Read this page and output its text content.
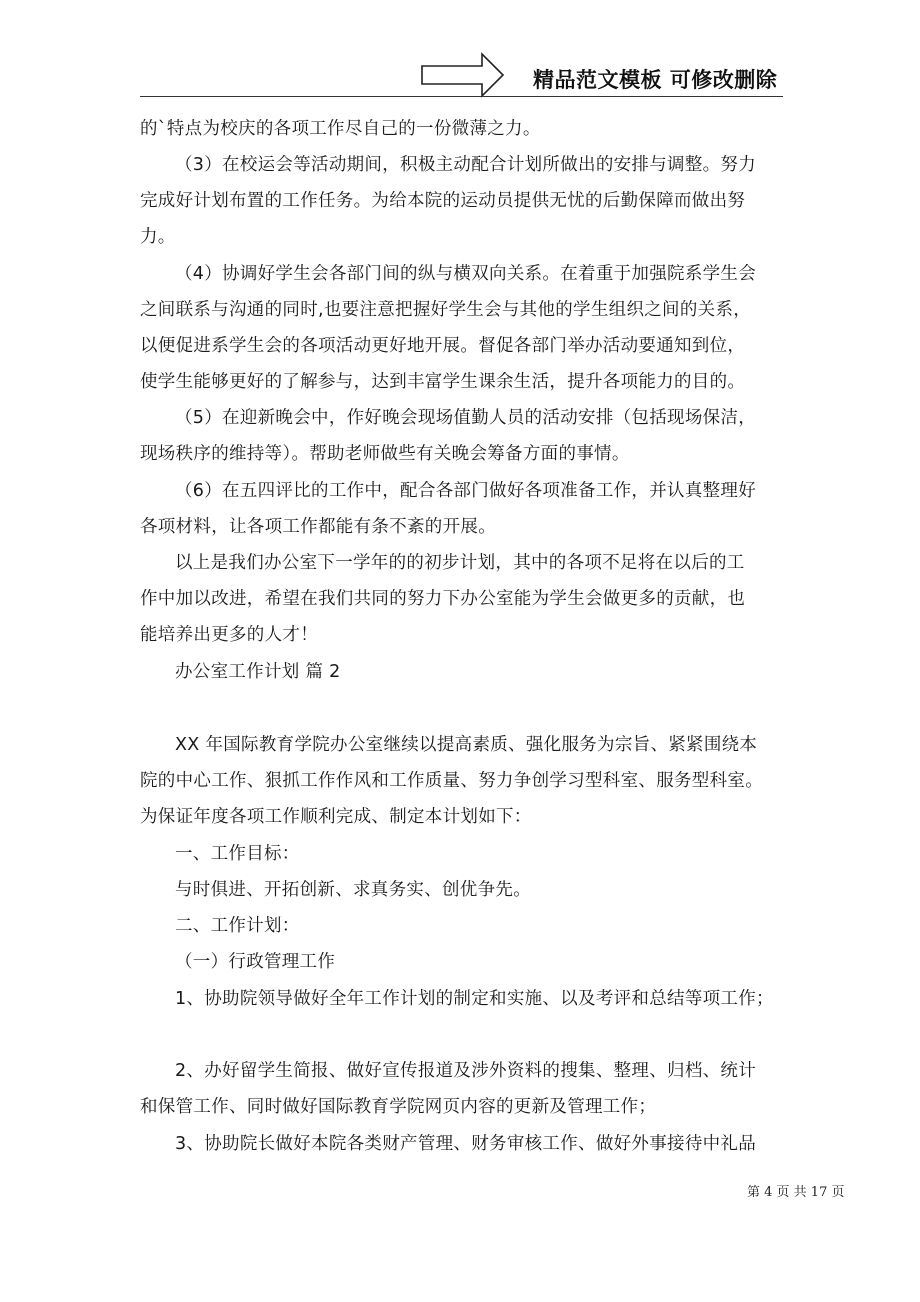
精品范文模板 可修改删除
的`特点为校庆的各项工作尽自己的一份微薄之力。
（3）在校运会等活动期间，积极主动配合计划所做出的安排与调整。努力
完成好计划布置的工作任务。为给本院的运动员提供无忧的后勤保障而做出努
力。
（4）协调好学生会各部门间的纵与横双向关系。在着重于加强院系学生会
之间联系与沟通的同时,也要注意把握好学生会与其他的学生组织之间的关系，
以便促进系学生会的各项活动更好地开展。督促各部门举办活动要通知到位，
使学生能够更好的了解参与，达到丰富学生课余生活，提升各项能力的目的。
（5）在迎新晚会中，作好晚会现场值勤人员的活动安排（包括现场保洁，
现场秩序的维持等）。帮助老师做些有关晚会筹备方面的事情。
（6）在五四评比的工作中，配合各部门做好各项准备工作，并认真整理好
各项材料，让各项工作都能有条不紊的开展。
以上是我们办公室下一学年的的初步计划，其中的各项不足将在以后的工
作中加以改进，希望在我们共同的努力下办公室能为学生会做更多的贡献，也
能培养出更多的人才！
办公室工作计划 篇 2
XX 年国际教育学院办公室继续以提高素质、强化服务为宗旨、紧紧围绕本
院的中心工作、狠抓工作作风和工作质量、努力争创学习型科室、服务型科室。
为保证年度各项工作顺利完成、制定本计划如下：
一、工作目标：
与时俱进、开拓创新、求真务实、创优争先。
二、工作计划：
（一）行政管理工作
1、协助院领导做好全年工作计划的制定和实施、以及考评和总结等项工作；
2、办好留学生简报、做好宣传报道及涉外资料的搜集、整理、归档、统计
和保管工作、同时做好国际教育学院网页内容的更新及管理工作；
3、协助院长做好本院各类财产管理、财务审核工作、做好外事接待中礼品
第 4 页 共 17 页
